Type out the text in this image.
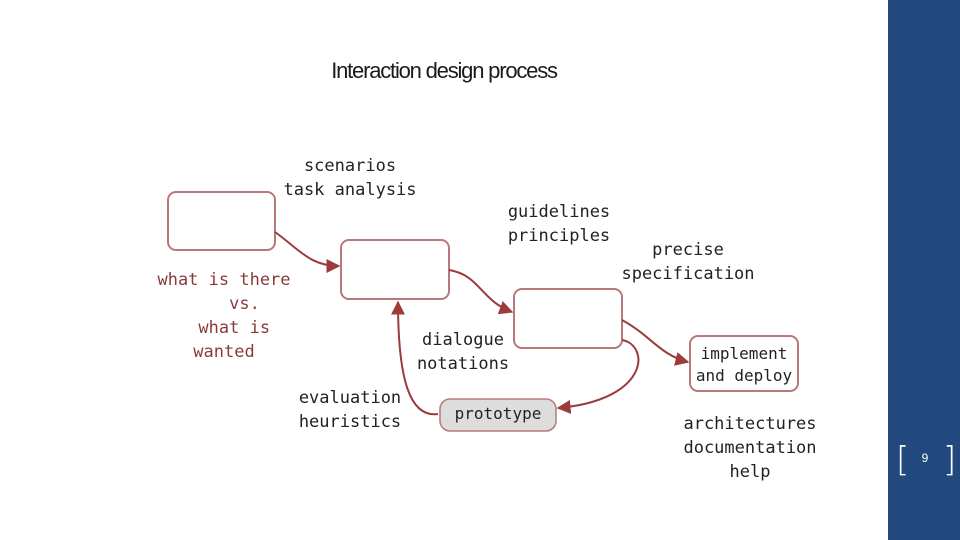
Interaction design process
scenarios
task analysis
what is there
vs.
what is
wanted
guidelines
principles
precise
specification
dialogue
notations
evaluation
heuristics	prototype
implement
and deploy
architectures
documentation
help	[ ]
9
